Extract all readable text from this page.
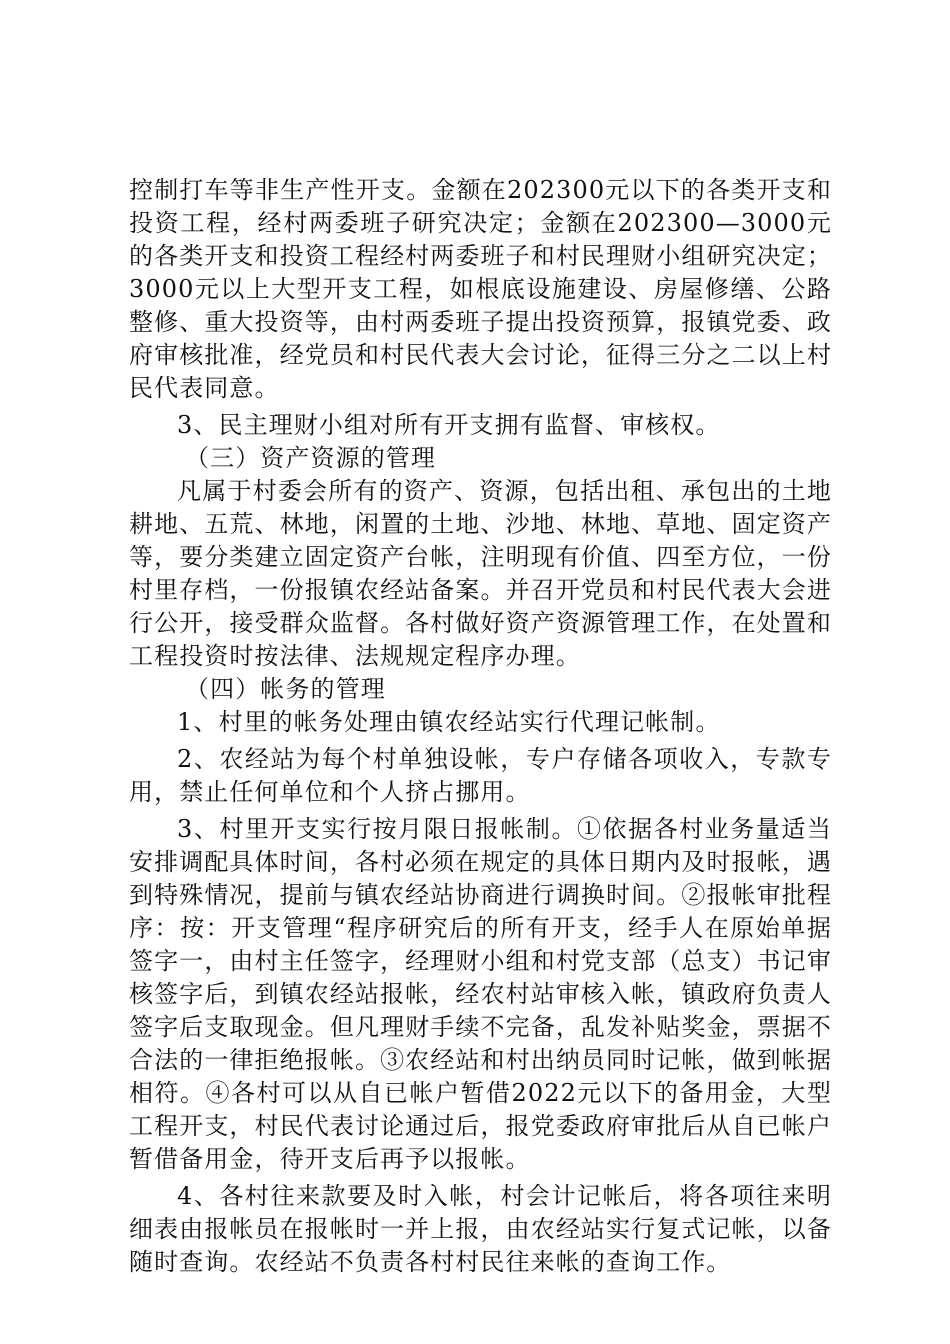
控制打车等非生产性开支。金额在202300元以下的各类开支和投资工程，经村两委班子研究决定；金额在202300—3000元的各类开支和投资工程经村两委班子和村民理财小组研究决定；3000元以上大型开支工程，如根底设施建设、房屋修缮、公路整修、重大投资等，由村两委班子提出投资预算，报镇党委、政府审核批准，经党员和村民代表大会讨论，征得三分之二以上村民代表同意。

3、民主理财小组对所有开支拥有监督、审核权。

（三）资产资源的管理

凡属于村委会所有的资产、资源，包括出租、承包出的土地耕地、五荒、林地，闲置的土地、沙地、林地、草地、固定资产等，要分类建立固定资产台帐，注明现有价值、四至方位，一份村里存档，一份报镇农经站备案。并召开党员和村民代表大会进行公开，接受群众监督。各村做好资产资源管理工作，在处置和工程投资时按法律、法规规定程序办理。

（四）帐务的管理

1、村里的帐务处理由镇农经站实行代理记帐制。

2、农经站为每个村单独设帐，专户存储各项收入，专款专用，禁止任何单位和个人挤占挪用。

3、村里开支实行按月限日报帐制。①依据各村业务量适当安排调配具体时间，各村必须在规定的具体日期内及时报帐，遇到特殊情况，提前与镇农经站协商进行调换时间。②报帐审批程序：按：开支管理“程序研究后的所有开支，经手人在原始单据签字一，由村主任签字，经理财小组和村党支部（总支）书记审核签字后，到镇农经站报帐，经农村站审核入帐，镇政府负责人签字后支取现金。但凡理财手续不完备，乱发补贴奖金，票据不合法的一律拒绝报帐。③农经站和村出纳员同时记帐，做到帐据相符。④各村可以从自已帐户暂借2022元以下的备用金，大型工程开支，村民代表讨论通过后，报党委政府审批后从自已帐户暂借备用金，待开支后再予以报帐。

4、各村往来款要及时入帐，村会计记帐后，将各项往来明细表由报帐员在报帐时一并上报，由农经站实行复式记帐，以备随时查询。农经站不负责各村村民往来帐的查询工作。
